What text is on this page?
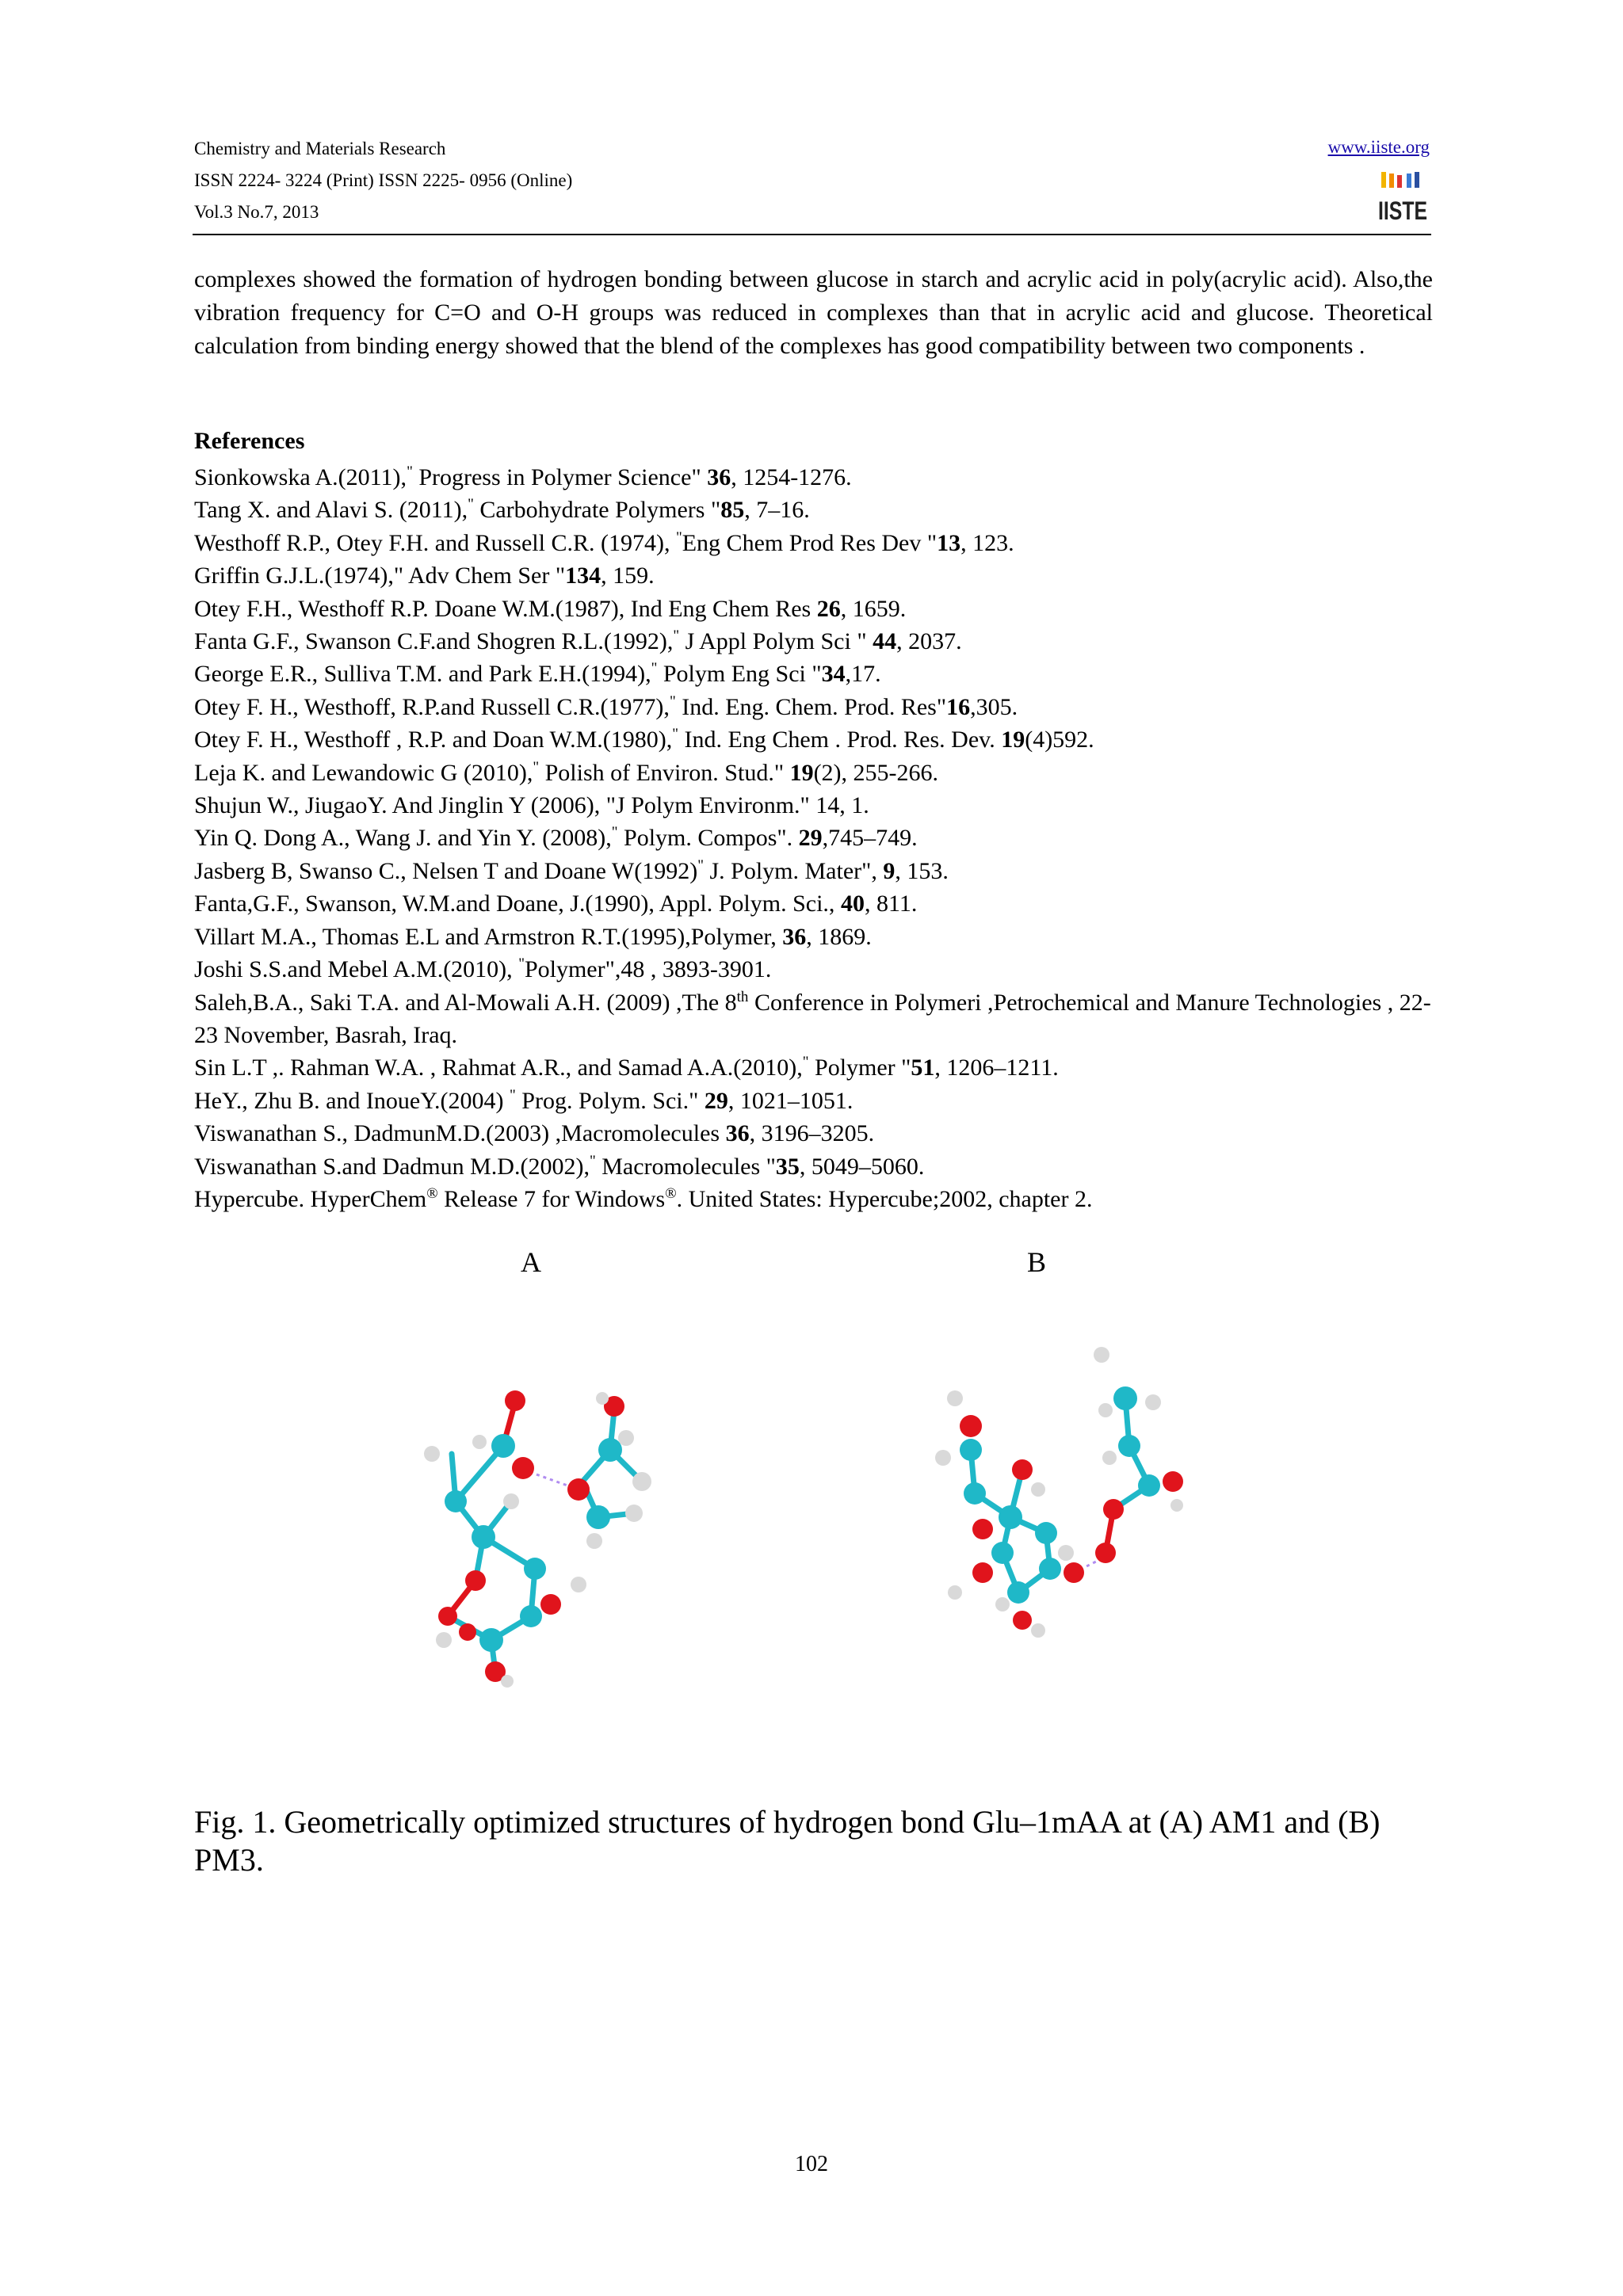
Chemistry and Materials Research
ISSN 2224- 3224 (Print) ISSN 2225- 0956 (Online)
Vol.3 No.7, 2013
www.iiste.org
IISTE

complexes showed the formation of hydrogen bonding between glucose in starch and acrylic acid in poly(acrylic acid). Also,the vibration frequency for C=O and O-H groups was reduced in complexes than that in acrylic acid and glucose. Theoretical calculation from binding energy showed that the blend of the complexes has good compatibility between two components .

References
Sionkowska A.(2011)," Progress in Polymer Science" 36, 1254-1276.
Tang X. and Alavi S. (2011)," Carbohydrate Polymers "85, 7–16.
Westhoff R.P., Otey F.H. and Russell C.R. (1974), "Eng Chem Prod Res Dev "13, 123.
Griffin G.J.L.(1974)," Adv Chem Ser "134, 159.
Otey F.H., Westhoff R.P. Doane W.M.(1987), Ind Eng Chem Res 26, 1659.
Fanta G.F., Swanson C.F.and Shogren R.L.(1992)," J Appl Polym Sci " 44, 2037.
George E.R., Sulliva T.M. and Park E.H.(1994)," Polym Eng Sci "34,17.
Otey F. H., Westhoff, R.P.and Russell C.R.(1977)," Ind. Eng. Chem. Prod. Res"16,305.
Otey F. H., Westhoff , R.P. and Doan W.M.(1980)," Ind. Eng Chem . Prod. Res. Dev. 19(4)592.
Leja K. and Lewandowic G (2010)," Polish of Environ. Stud." 19(2), 255-266.
Shujun W., JiugaoY. And Jinglin Y (2006), "J Polym Environm." 14, 1.
Yin Q. Dong A., Wang J. and Yin Y. (2008)," Polym. Compos". 29,745–749.
Jasberg B, Swanso C., Nelsen T and Doane W(1992)" J. Polym. Mater", 9, 153.
Fanta,G.F., Swanson, W.M.and Doane, J.(1990), Appl. Polym. Sci., 40, 811.
Villart M.A., Thomas E.L and Armstron R.T.(1995),Polymer, 36, 1869.
Joshi S.S.and Mebel A.M.(2010), "Polymer",48 , 3893-3901.
Saleh,B.A., Saki T.A. and Al-Mowali A.H. (2009) ,The 8th Conference in Polymeri ,Petrochemical and Manure Technologies , 22-23 November, Basrah, Iraq.
Sin L.T ,. Rahman W.A. , Rahmat A.R., and Samad A.A.(2010)," Polymer "51, 1206–1211.
HeY., Zhu B. and InoueY.(2004) " Prog. Polym. Sci." 29, 1021–1051.
Viswanathan S., DadmunM.D.(2003) ,Macromolecules 36, 3196–3205.
Viswanathan S.and Dadmun M.D.(2002)," Macromolecules "35, 5049–5060.
Hypercube. HyperChem® Release 7 for Windows®. United States: Hypercube;2002, chapter 2.
A	B

Fig. 1. Geometrically optimized structures of hydrogen bond Glu–1mAA at (A) AM1 and (B) PM3.

102
